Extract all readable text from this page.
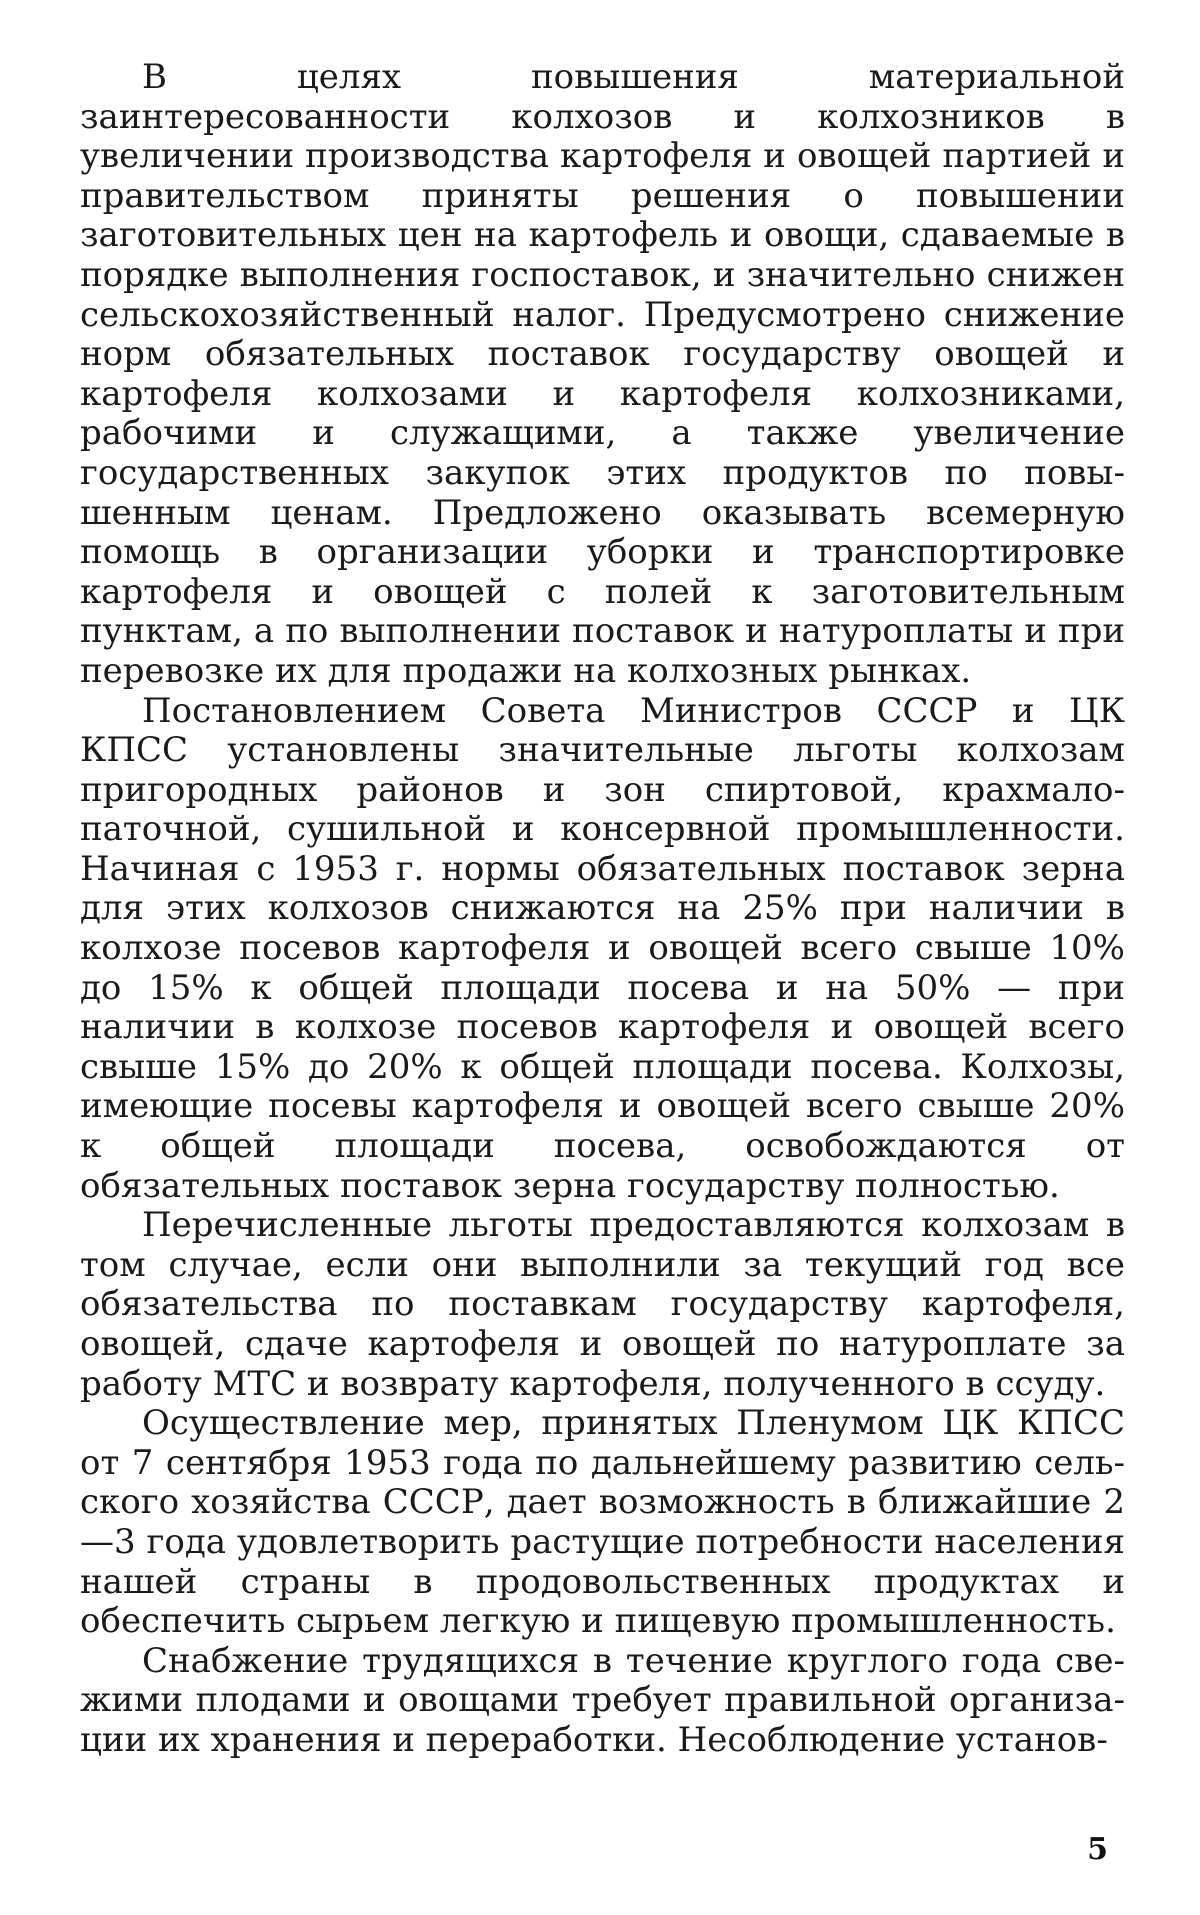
В целях повышения материальной заинтересованности колхозов и колхозников в увеличении производства картофеля и овощей партией и правительством приняты решения о повышении заготовительных цен на картофель и овощи, сдаваемые в порядке выполнения госпоставок, и значительно снижен сельскохозяйственный налог. Предусмотрено снижение норм обязательных поставок государству овощей и картофеля колхозами и картофеля колхозниками, рабочими и служащими, а также увеличение государственных закупок этих продуктов по повышенным ценам. Предложено оказывать всемерную помощь в организации уборки и транспортировке картофеля и овощей с полей к заготовительным пунктам, а по выполнении поставок и натуроплаты и при перевозке их для продажи на колхозных рынках.

Постановлением Совета Министров СССР и ЦК КПСС установлены значительные льготы колхозам пригородных районов и зон спиртовой, крахмало-паточной, сушильной и консервной промышленности. Начиная с 1953 г. нормы обязательных поставок зерна для этих колхозов снижаются на 25% при наличии в колхозе посевов картофеля и овощей всего свыше 10% до 15% к общей площади посева и на 50% — при наличии в колхозе посевов картофеля и овощей всего свыше 15% до 20% к общей площади посева. Колхозы, имеющие посевы картофеля и овощей всего свыше 20% к общей площади посева, освобождаются от обязательных поставок зерна государству полностью.

Перечисленные льготы предоставляются колхозам в том случае, если они выполнили за текущий год все обязательства по поставкам государству картофеля, овощей, сдаче картофеля и овощей по натуроплате за работу МТС и возврату картофеля, полученного в ссуду.

Осуществление мер, принятых Пленумом ЦК КПСС от 7 сентября 1953 года по дальнейшему развитию сельского хозяйства СССР, дает возможность в ближайшие 2—3 года удовлетворить растущие потребности населения нашей страны в продовольственных продуктах и обеспечить сырьем легкую и пищевую промышленность.

Снабжение трудящихся в течение круглого года свежими плодами и овощами требует правильной организации их хранения и переработки. Несоблюдение установ-

5
